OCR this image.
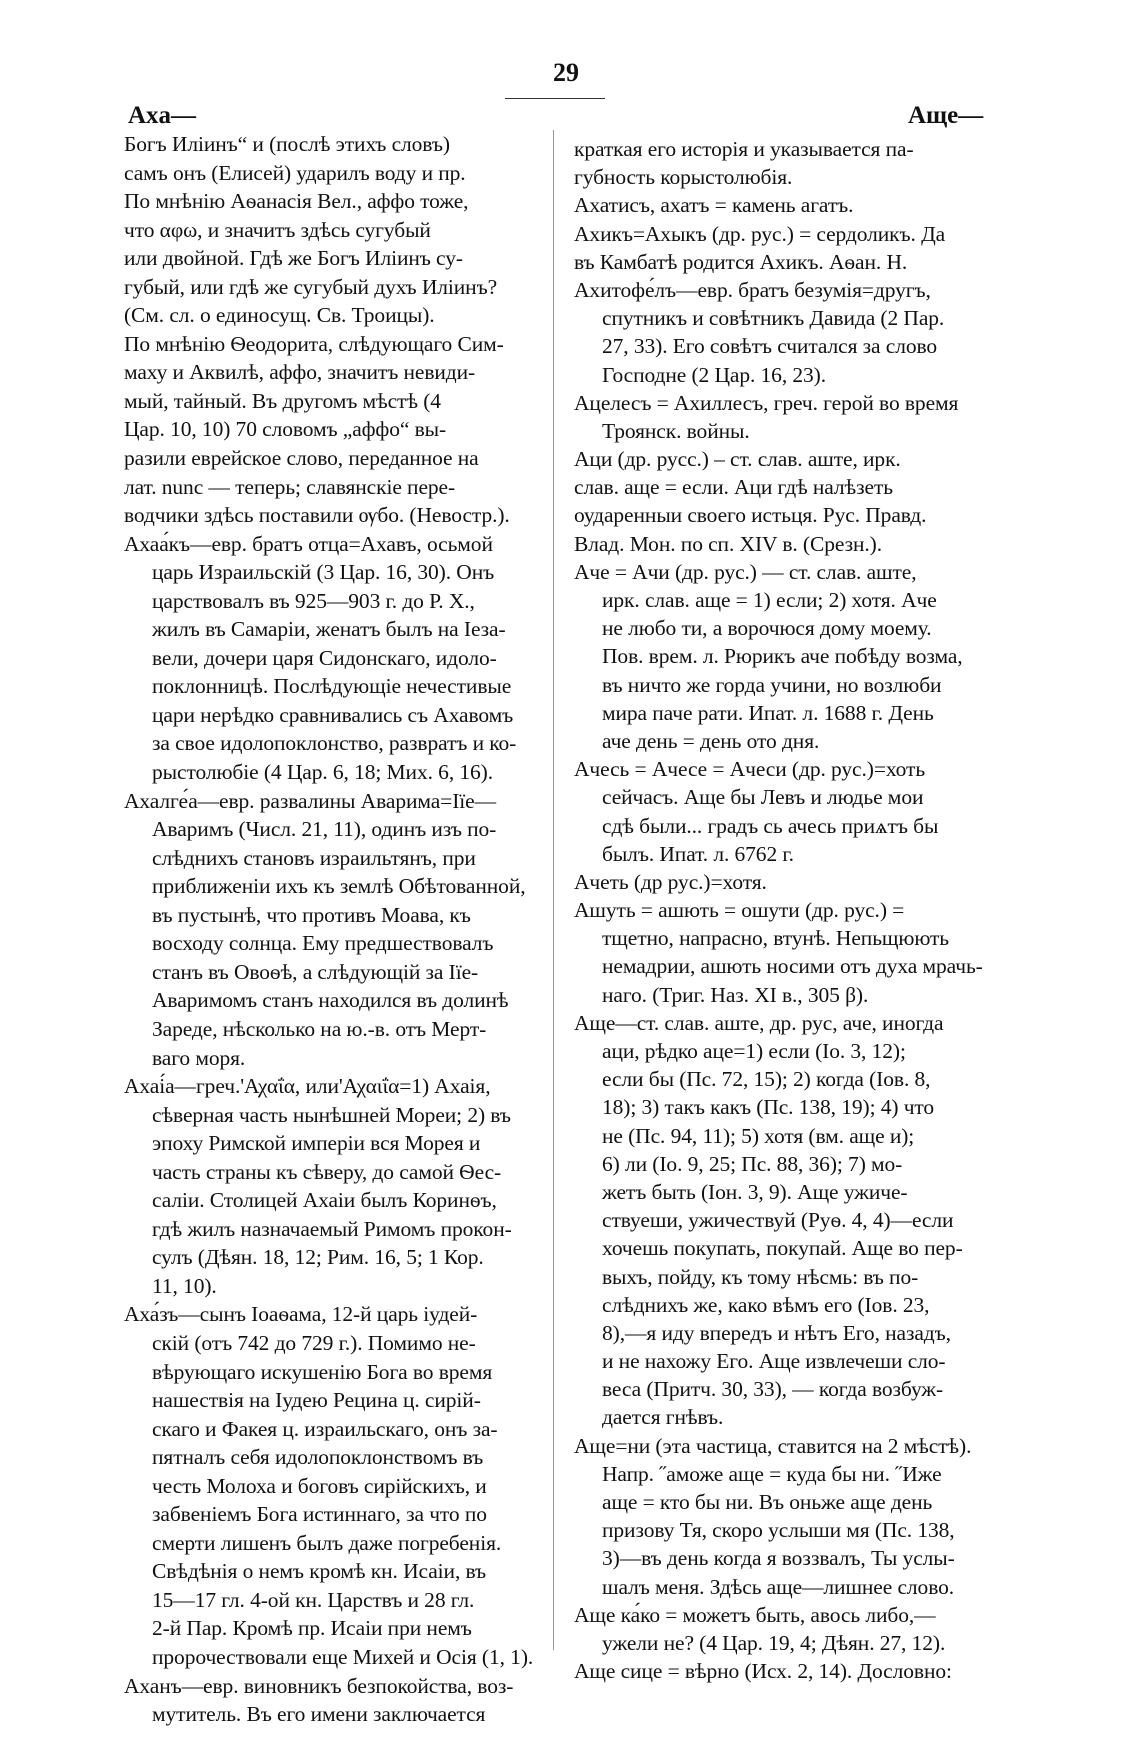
29
Ахa—	Аще—
Богъ Иліинъ“ и (послѣ этихъ словъ)
самъ онъ (Елисей) ударилъ воду и пр.
По мнѣнію Аѳанасія Вел., аффо тоже,
что αφω, и значитъ здѣсь сугубый
или двойной. Гдѣ же Богъ Иліинъ су-
губый, или гдѣ же сугубый духъ Иліинъ?
(См. сл. о единосущ. Св. Троицы).
По мнѣнію Ѳеодорита, слѣдующаго Сим-
маху и Аквилѣ, аффо, значитъ невиди-
мый, тайный. Въ другомъ мѣстѣ (4
Цар. 10, 10) 70 словомъ „аффо“ вы-
разили еврейское слово, переданное на
лат. nunc — теперь; славянскіе пере-
водчики здѣсь поставили ѹбо. (Невостр.).
Ахаа́къ—евр. братъ отца=Ахавъ, осьмой
царь Израильскій (3 Цар. 16, 30). Онъ
царствовалъ въ 925—903 г. до Р. Х.,
жилъ въ Самаріи, женатъ былъ на Іеза-
вели, дочери царя Сидонскаго, идоло-
поклонницѣ. Послѣдующіе нечестивые
цари нерѣдко сравнивались съ Ахавомъ
за свое идолопоклонство, развратъ и ко-
рыстолюбіе (4 Цар. 6, 18; Мих. 6, 16).
Ахалге́а—евр. развалины Аварима=Іїе—
Аваримъ (Числ. 21, 11), одинъ изъ по-
слѣднихъ становъ израильтянъ, при
приближеніи ихъ къ землѣ Обѣтованной,
въ пустынѣ, что противъ Моава, къ
восходу солнца. Ему предшествовалъ
станъ въ Овоѳѣ, а слѣдующій за Іїе-
Аваримомъ станъ находился въ долинѣ
Зареде, нѣсколько на ю.-в. отъ Мерт-
ваго моря.
Ахаі́а—греч.'Αχαΐα, или'Αχαιΐα=1) Ахаія,
сѣверная часть нынѣшней Мореи; 2) въ
эпоху Римской имперіи вся Морея и
часть страны къ сѣверу, до самой Ѳес-
саліи. Столицей Ахаіи былъ Коринѳъ,
гдѣ жилъ назначаемый Римомъ прокон-
сулъ (Дѣян. 18, 12; Рим. 16, 5; 1 Кор.
11, 10).
Аха́зъ—сынъ Іоаѳама, 12-й царь іудей-
скій (отъ 742 до 729 г.). Помимо не-
вѣрующаго искушенію Бога во время
нашествія на Іудею Рецина ц. сирій-
скаго и Факея ц. израильскаго, онъ за-
пятналъ себя идолопоклонствомъ въ
честь Молоха и боговъ сирійскихъ, и
забвеніемъ Бога истиннаго, за что по
смерти лишенъ былъ даже погребенія.
Свѣдѣнія о немъ кромѣ кн. Исаіи, въ
15—17 гл. 4-ой кн. Царствъ и 28 гл.
2-й Пар. Кромѣ пр. Исаіи при немъ
пророчествовали еще Михей и Осія (1, 1).
Аханъ—евр. виновникъ безпокойства, воз-
мутитель. Въ его имени заключается
краткая его исторія и указывается па-
губность корыстолюбія.
Ахатисъ, ахатъ = камень агатъ.
Ахикъ=Ахыкъ (др. рус.) = сердоликъ. Да
въ Камбатѣ родится Ахикъ. Аѳан. Н.
Ахитофе́лъ—евр. братъ безумія=другъ,
спутникъ и совѣтникъ Давида (2 Пар.
27, 33). Его совѣтъ считался за слово
Господне (2 Цар. 16, 23).
Ацелесъ = Ахиллесъ, греч. герой во время
Троянск. войны.
Аци (др. русс.) – ст. слав. аште, ирк.
слав. аще = если. Аци гдѣ налѣзеть
оударенныи своего истьця. Рус. Правд.
Влад. Мон. по сп. XIV в. (Срезн.).
Аче = Ачи (др. рус.) — ст. слав. аште,
ирк. слав. аще = 1) если; 2) хотя. Аче
не любо ти, а ворочюся дому моему.
Пов. врем. л. Рюрикъ аче побѣду возма,
въ ничто же горда учини, но возлюби
мира паче рати. Ипат. л. 1688 г. День
аче день = день ото дня.
Ачесь = Ачесе = Ачеси (др. рус.)=хоть
сейчасъ. Аще бы Левъ и людье мои
сдѣ были... градъ сь ачесь приѧтъ бы
былъ. Ипат. л. 6762 г.
Ачеть (др рус.)=хотя.
Ашуть = ашють = ошути (др. рус.) =
тщетно, напрасно, втунѣ. Непьщюють
немадрии, ашють носими отъ духа мрачь-
наго. (Триг. Наз. XI в., 305 β).
Аще—ст. слав. аште, др. рус, аче, иногда
аци, рѣдко аце=1) если (Іо. 3, 12);
если бы (Пс. 72, 15); 2) когда (Іов. 8,
18); 3) такъ какъ (Пс. 138, 19); 4) что
не (Пс. 94, 11); 5) хотя (вм. аще и);
6) ли (Іо. 9, 25; Пс. 88, 36); 7) мо-
жетъ быть (Іон. 3, 9). Аще ужиче-
ствуеши, ужичествуй (Руѳ. 4, 4)—если
хочешь покупать, покупай. Аще во пер-
выхъ, пойду, къ тому нѣсмь: въ по-
слѣднихъ же, како вѣмъ его (Іов. 23,
8),—я иду впередъ и нѣтъ Его, назадъ,
и не нахожу Его. Аще извлечеши сло-
веса (Притч. 30, 33), — когда возбуж-
дается гнѣвъ.
Аще=ни (эта частица, ставится на 2 мѣстѣ).
Напр. ˝аможе аще = куда бы ни. ˝Иже
аще = кто бы ни. Въ оньже аще день
призову Тя, скоро услыши мя (Пс. 138,
3)—въ день когда я воззвалъ, Ты услы-
шалъ меня. Здѣсь аще—лишнее слово.
Аще ка́ко = можетъ быть, авось либо,—
ужели не? (4 Цар. 19, 4; Дѣян. 27, 12).
Аще сице = вѣрно (Исх. 2, 14). Дословно:
